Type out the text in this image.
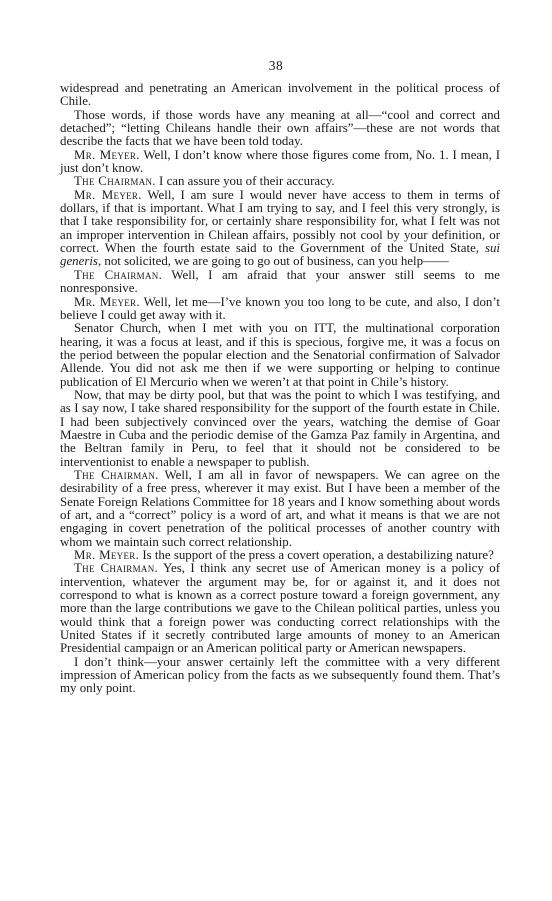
38

widespread and penetrating an American involvement in the political process of Chile.

Those words, if those words have any meaning at all—“cool and correct and detached”; “letting Chileans handle their own affairs”—these are not words that describe the facts that we have been told today.

Mr. Meyer. Well, I don’t know where those figures come from, No. 1. I mean, I just don’t know.

The Chairman. I can assure you of their accuracy.

Mr. Meyer. Well, I am sure I would never have access to them in terms of dollars, if that is important. What I am trying to say, and I feel this very strongly, is that I take responsibility for, or certainly share responsibility for, what I felt was not an improper intervention in Chilean affairs, possibly not cool by your definition, or correct. When the fourth estate said to the Government of the United State, sui generis, not solicited, we are going to go out of business, can you help——

The Chairman. Well, I am afraid that your answer still seems to me nonresponsive.

Mr. Meyer. Well, let me—I’ve known you too long to be cute, and also, I don’t believe I could get away with it.

Senator Church, when I met with you on ITT, the multinational corporation hearing, it was a focus at least, and if this is specious, forgive me, it was a focus on the period between the popular election and the Senatorial confirmation of Salvador Allende. You did not ask me then if we were supporting or helping to continue publication of El Mercurio when we weren’t at that point in Chile’s history.

Now, that may be dirty pool, but that was the point to which I was testifying, and as I say now, I take shared responsibility for the support of the fourth estate in Chile. I had been subjectively convinced over the years, watching the demise of Goar Maestre in Cuba and the periodic demise of the Gamza Paz family in Argentina, and the Beltran family in Peru, to feel that it should not be considered to be interventionist to enable a newspaper to publish.

The Chairman. Well, I am all in favor of newspapers. We can agree on the desirability of a free press, wherever it may exist. But I have been a member of the Senate Foreign Relations Committee for 18 years and I know something about words of art, and a “correct” policy is a word of art, and what it means is that we are not engaging in covert penetration of the political processes of another country with whom we maintain such correct relationship.

Mr. Meyer. Is the support of the press a covert operation, a destabilizing nature?

The Chairman. Yes, I think any secret use of American money is a policy of intervention, whatever the argument may be, for or against it, and it does not correspond to what is known as a correct posture toward a foreign government, any more than the large contributions we gave to the Chilean political parties, unless you would think that a foreign power was conducting correct relationships with the United States if it secretly contributed large amounts of money to an American Presidential campaign or an American political party or American newspapers.

I don’t think—your answer certainly left the committee with a very different impression of American policy from the facts as we subsequently found them. That’s my only point.
